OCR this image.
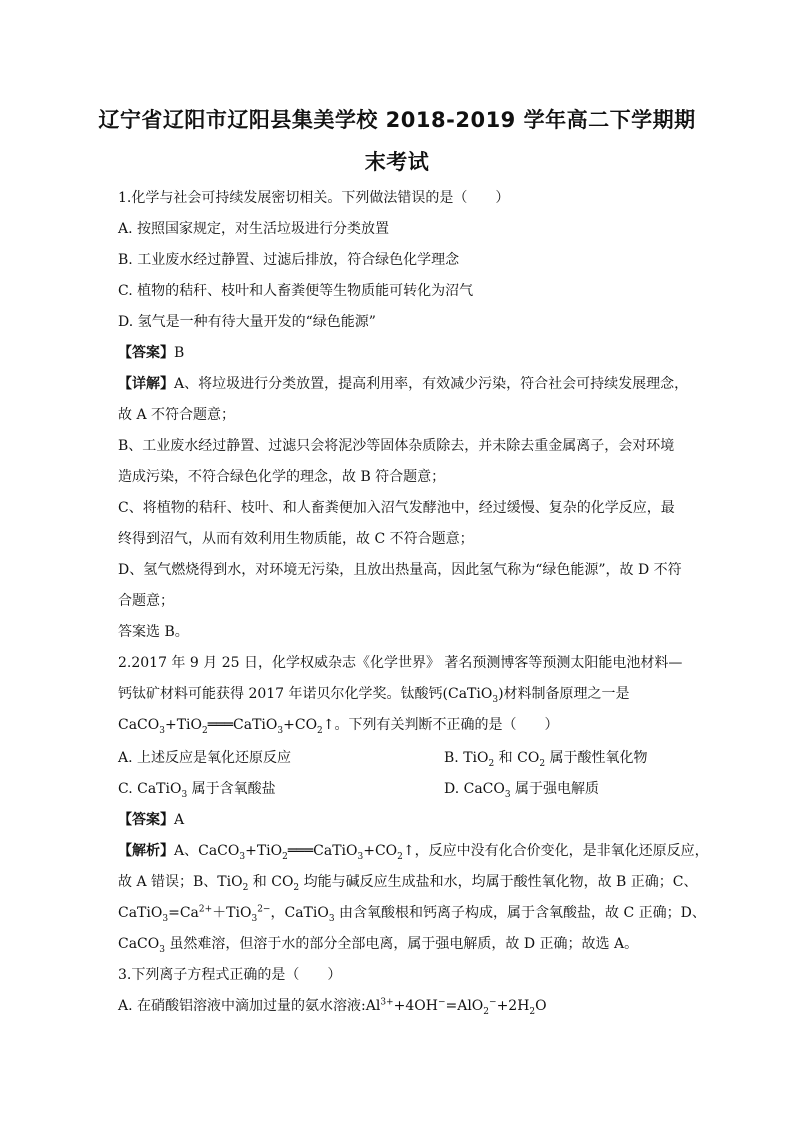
辽宁省辽阳市辽阳县集美学校 2018-2019 学年高二下学期期
末考试
1.化学与社会可持续发展密切相关。下列做法错误的是（　　）
A. 按照国家规定，对生活垃圾进行分类放置
B. 工业废水经过静置、过滤后排放，符合绿色化学理念
C. 植物的秸秆、枝叶和人畜粪便等生物质能可转化为沼气
D. 氢气是一种有待大量开发的“绿色能源”
【答案】B
【详解】A、将垃圾进行分类放置，提高利用率，有效减少污染，符合社会可持续发展理念，
故 A 不符合题意；
B、工业废水经过静置、过滤只会将泥沙等固体杂质除去，并未除去重金属离子，会对环境
造成污染，不符合绿色化学的理念，故 B 符合题意；
C、将植物的秸秆、枝叶、和人畜粪便加入沼气发酵池中，经过缓慢、复杂的化学反应，最
终得到沼气，从而有效利用生物质能，故 C 不符合题意；
D、氢气燃烧得到水，对环境无污染，且放出热量高，因此氢气称为“绿色能源”，故 D 不符
合题意；
答案选 B。
2.2017 年 9 月 25 日，化学权威杂志《化学世界》 著名预测博客等预测太阳能电池材料—
钙钛矿材料可能获得 2017 年诺贝尔化学奖。钛酸钙(CaTiO$_3$)材料制备原理之一是
$CaCO_3+TiO_2═══CaTiO_3+CO_2↑$。下列有关判断不正确的是（　　）
A. 上述反应是氧化还原反应	B. TiO$_2$ 和 $CO_2$ 属于酸性氧化物
C. CaTiO$_3$ 属于含氧酸盐	D. CaCO$_3$ 属于强电解质
【答案】A
【解析】A、$CaCO_3+TiO_2═══CaTiO_3+CO_2↑$，反应中没有化合价变化，是非氧化还原反应，
故 A 错误；B、TiO$_2$ 和 $CO_2$ 均能与碱反应生成盐和水，均属于酸性氧化物，故 B 正确；C、
$CaTiO_3=Ca^{2+}+TiO_3^{2-}$，CaTiO$_3$ 由含氧酸根和钙离子构成，属于含氧酸盐，故 C 正确；D、
CaCO$_3$ 虽然难溶，但溶于水的部分全部电离，属于强电解质，故 D 正确；故选 A。
3.下列离子方程式正确的是（　　）
A. 在硝酸铝溶液中滴加过量的氨水溶液$:Al^{3+}+4OH^-=AlO_2^-+2H_2O$
